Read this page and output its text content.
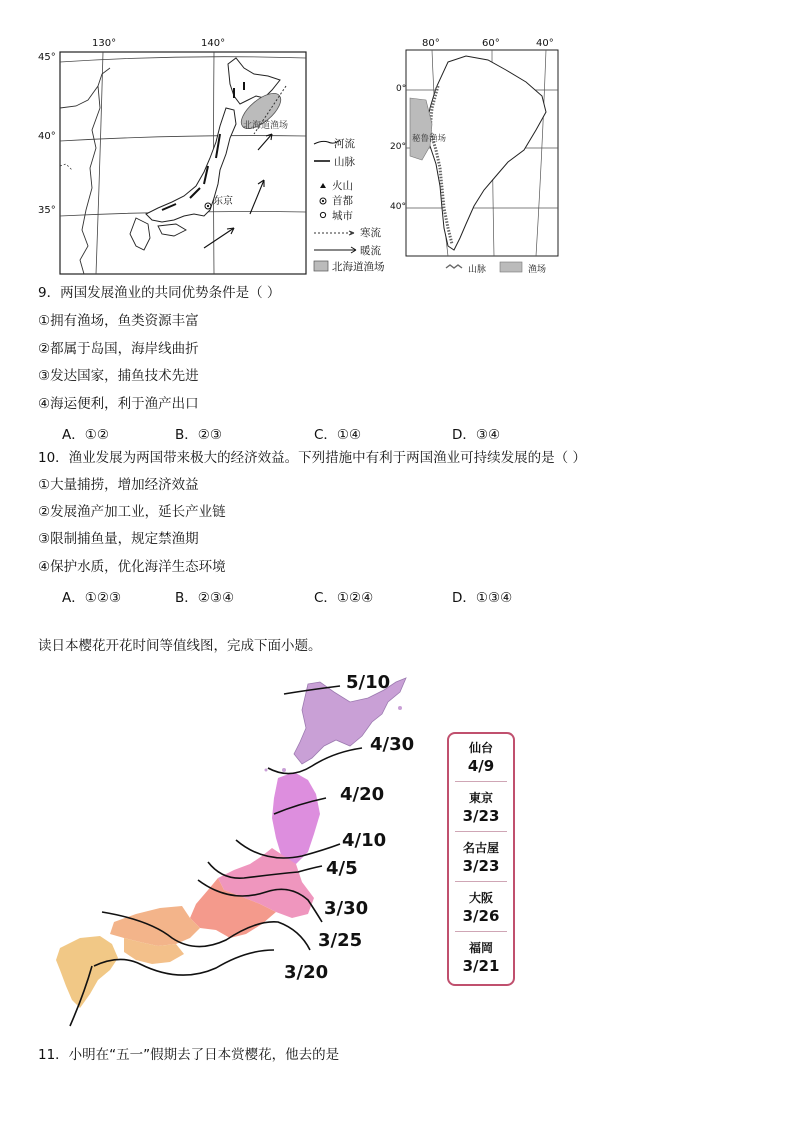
130°	140°
45°
40°
35°
北海道渔场
东京
河流
山脉
火山
首都
城市
寒流
暖流
北海道渔场
80°	60°	40°
0°
20°
40°
秘鲁渔场
山脉	渔场
9．两国发展渔业的共同优势条件是（ ）
①拥有渔场，鱼类资源丰富
②都属于岛国，海岸线曲折
③发达国家，捕鱼技术先进
④海运便利，利于渔产出口
A．①②	B．②③	C．①④	D．③④
10．渔业发展为两国带来极大的经济效益。下列措施中有利于两国渔业可持续发展的是（ ）
①大量捕捞，增加经济效益
②发展渔产加工业，延长产业链
③限制捕鱼量，规定禁渔期
④保护水质，优化海洋生态环境
A．①②③	B．②③④	C．①②④	D．①③④
读日本樱花开花时间等值线图，完成下面小题。
5/10
4/30
4/20
4/10
4/5
3/30
3/25
3/20
仙台
4/9
東京
3/23
名古屋
3/23
大阪
3/26
福岡
3/21
11．小明在“五一”假期去了日本赏樱花，他去的是
